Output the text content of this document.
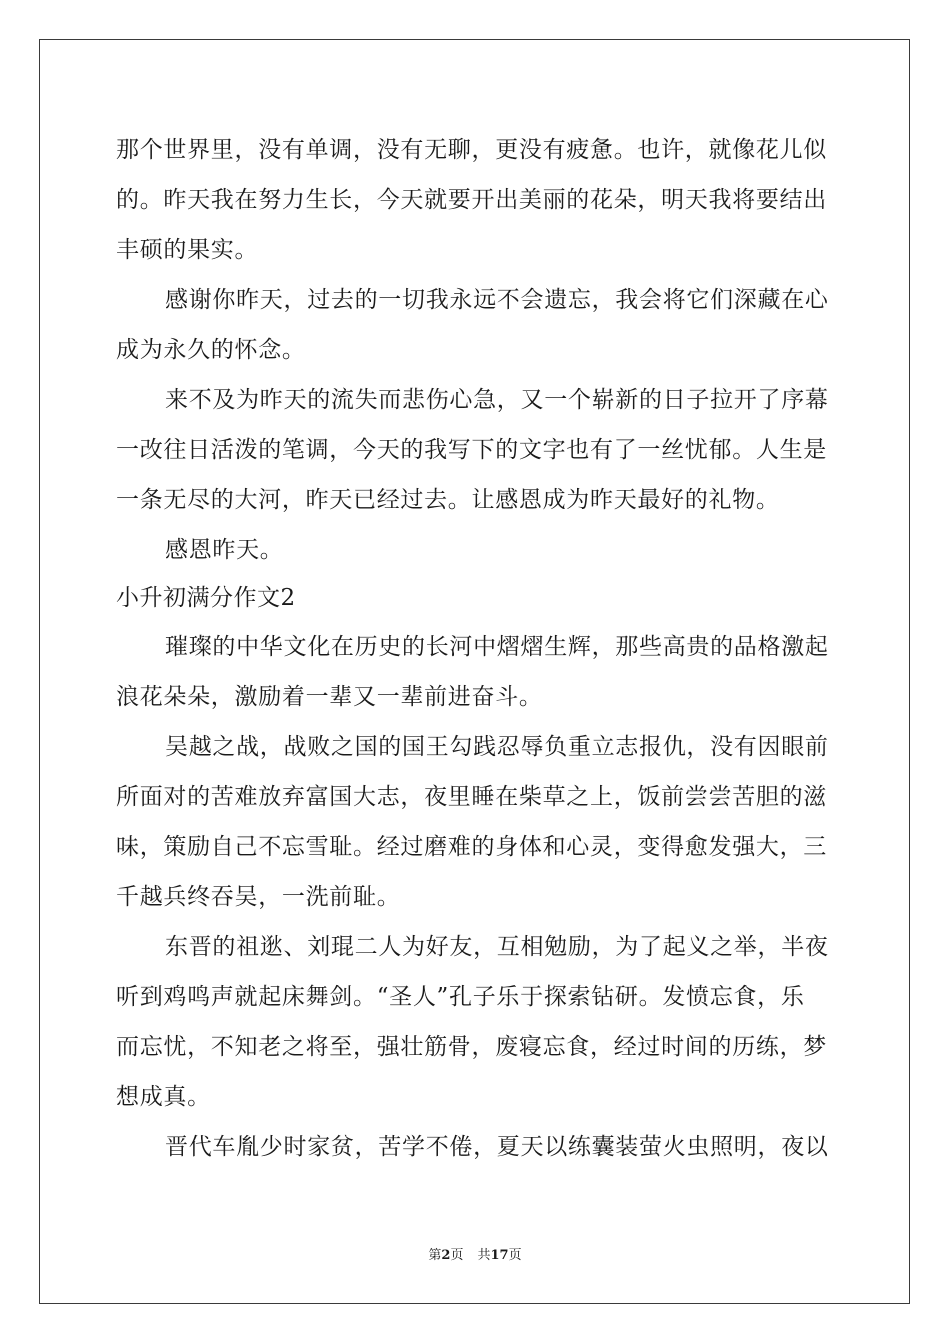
那个世界里，没有单调，没有无聊，更没有疲惫。也许，就像花儿似
的。昨天我在努力生长，今天就要开出美丽的花朵，明天我将要结出
丰硕的果实。
感谢你昨天，过去的一切我永远不会遗忘，我会将它们深藏在心
成为永久的怀念。
来不及为昨天的流失而悲伤心急，又一个崭新的日子拉开了序幕
一改往日活泼的笔调，今天的我写下的文字也有了一丝忧郁。人生是
一条无尽的大河，昨天已经过去。让感恩成为昨天最好的礼物。
感恩昨天。
小升初满分作文2
璀璨的中华文化在历史的长河中熠熠生辉，那些高贵的品格激起
浪花朵朵，激励着一辈又一辈前进奋斗。
吴越之战，战败之国的国王勾践忍辱负重立志报仇，没有因眼前
所面对的苦难放弃富国大志，夜里睡在柴草之上，饭前尝尝苦胆的滋
味，策励自己不忘雪耻。经过磨难的身体和心灵，变得愈发强大，三
千越兵终吞吴，一洗前耻。
东晋的祖逖、刘琨二人为好友，互相勉励，为了起义之举，半夜
听到鸡鸣声就起床舞剑。“圣人”孔子乐于探索钻研。发愤忘食，乐
而忘忧，不知老之将至，强壮筋骨，废寝忘食，经过时间的历练，梦
想成真。
晋代车胤少时家贫，苦学不倦，夏天以练囊装萤火虫照明，夜以
第2页 共17页
